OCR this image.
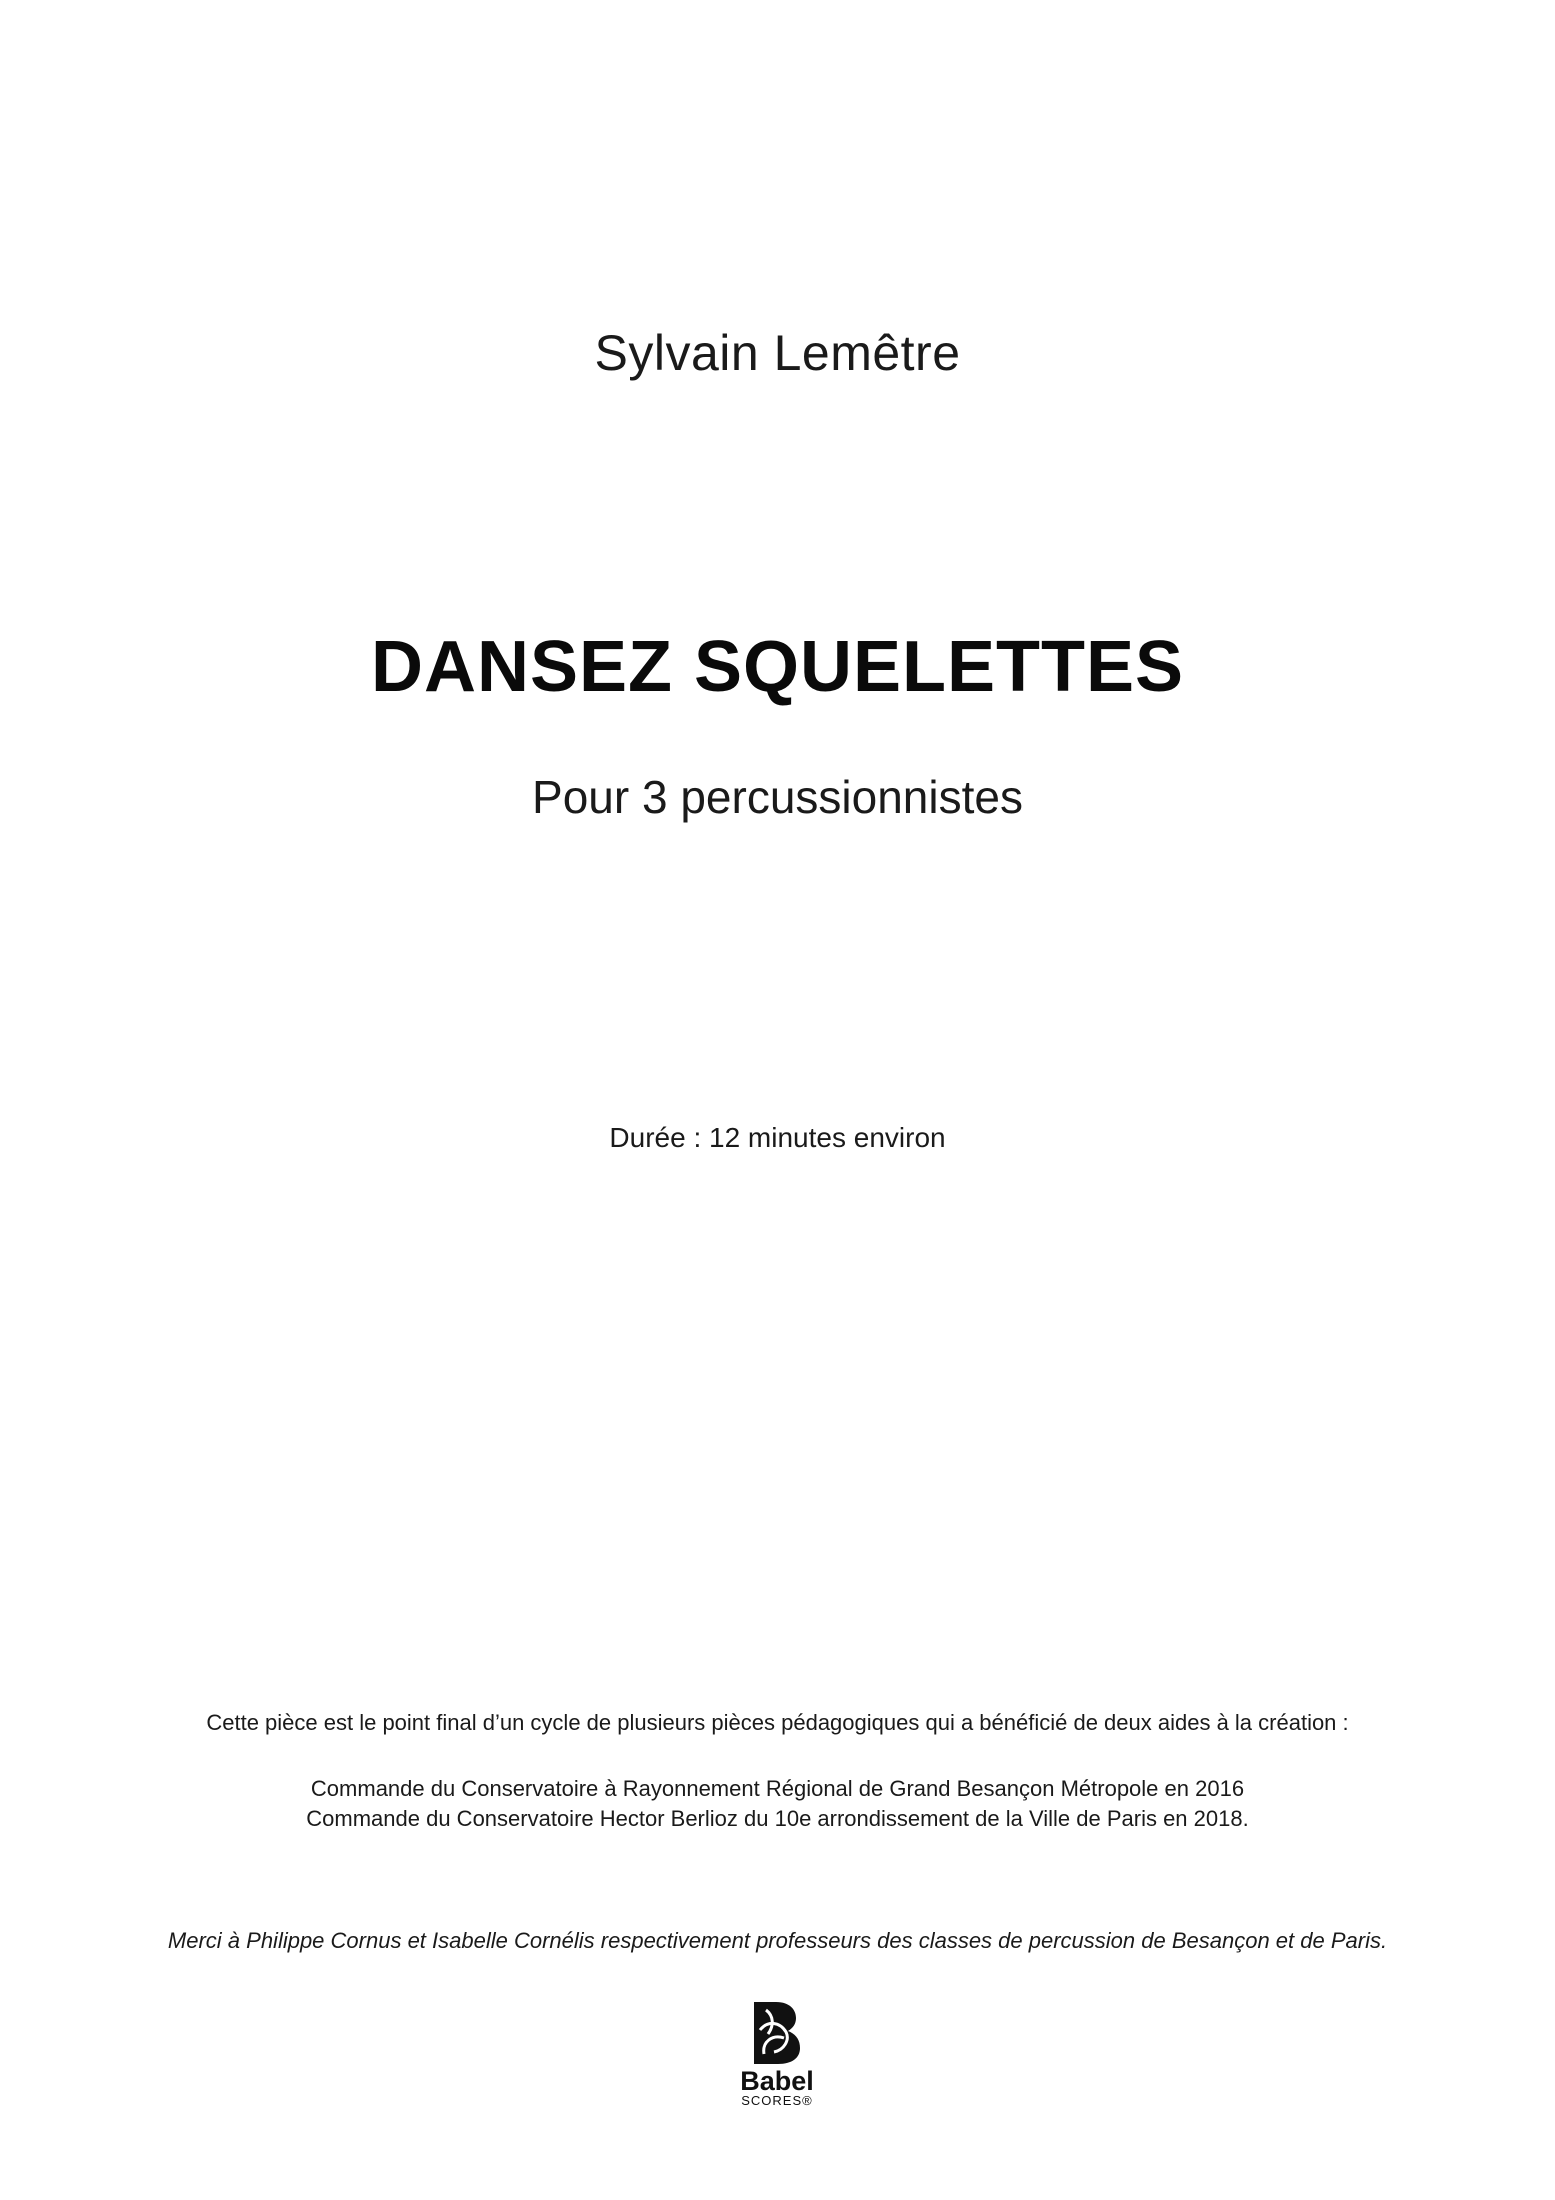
Sylvain Lemêtre
DANSEZ SQUELETTES
Pour 3 percussionnistes
Durée : 12 minutes environ
Cette pièce est le point final d’un cycle de plusieurs pièces pédagogiques qui a bénéficié de deux aides à la création :
Commande du Conservatoire à Rayonnement Régional de Grand Besançon Métropole en 2016
Commande du Conservatoire Hector Berlioz du 10e arrondissement de la Ville de Paris en 2018.
Merci à Philippe Cornus et Isabelle Cornélis respectivement professeurs des classes de percussion de Besançon et de Paris.
Babel
SCORES®
